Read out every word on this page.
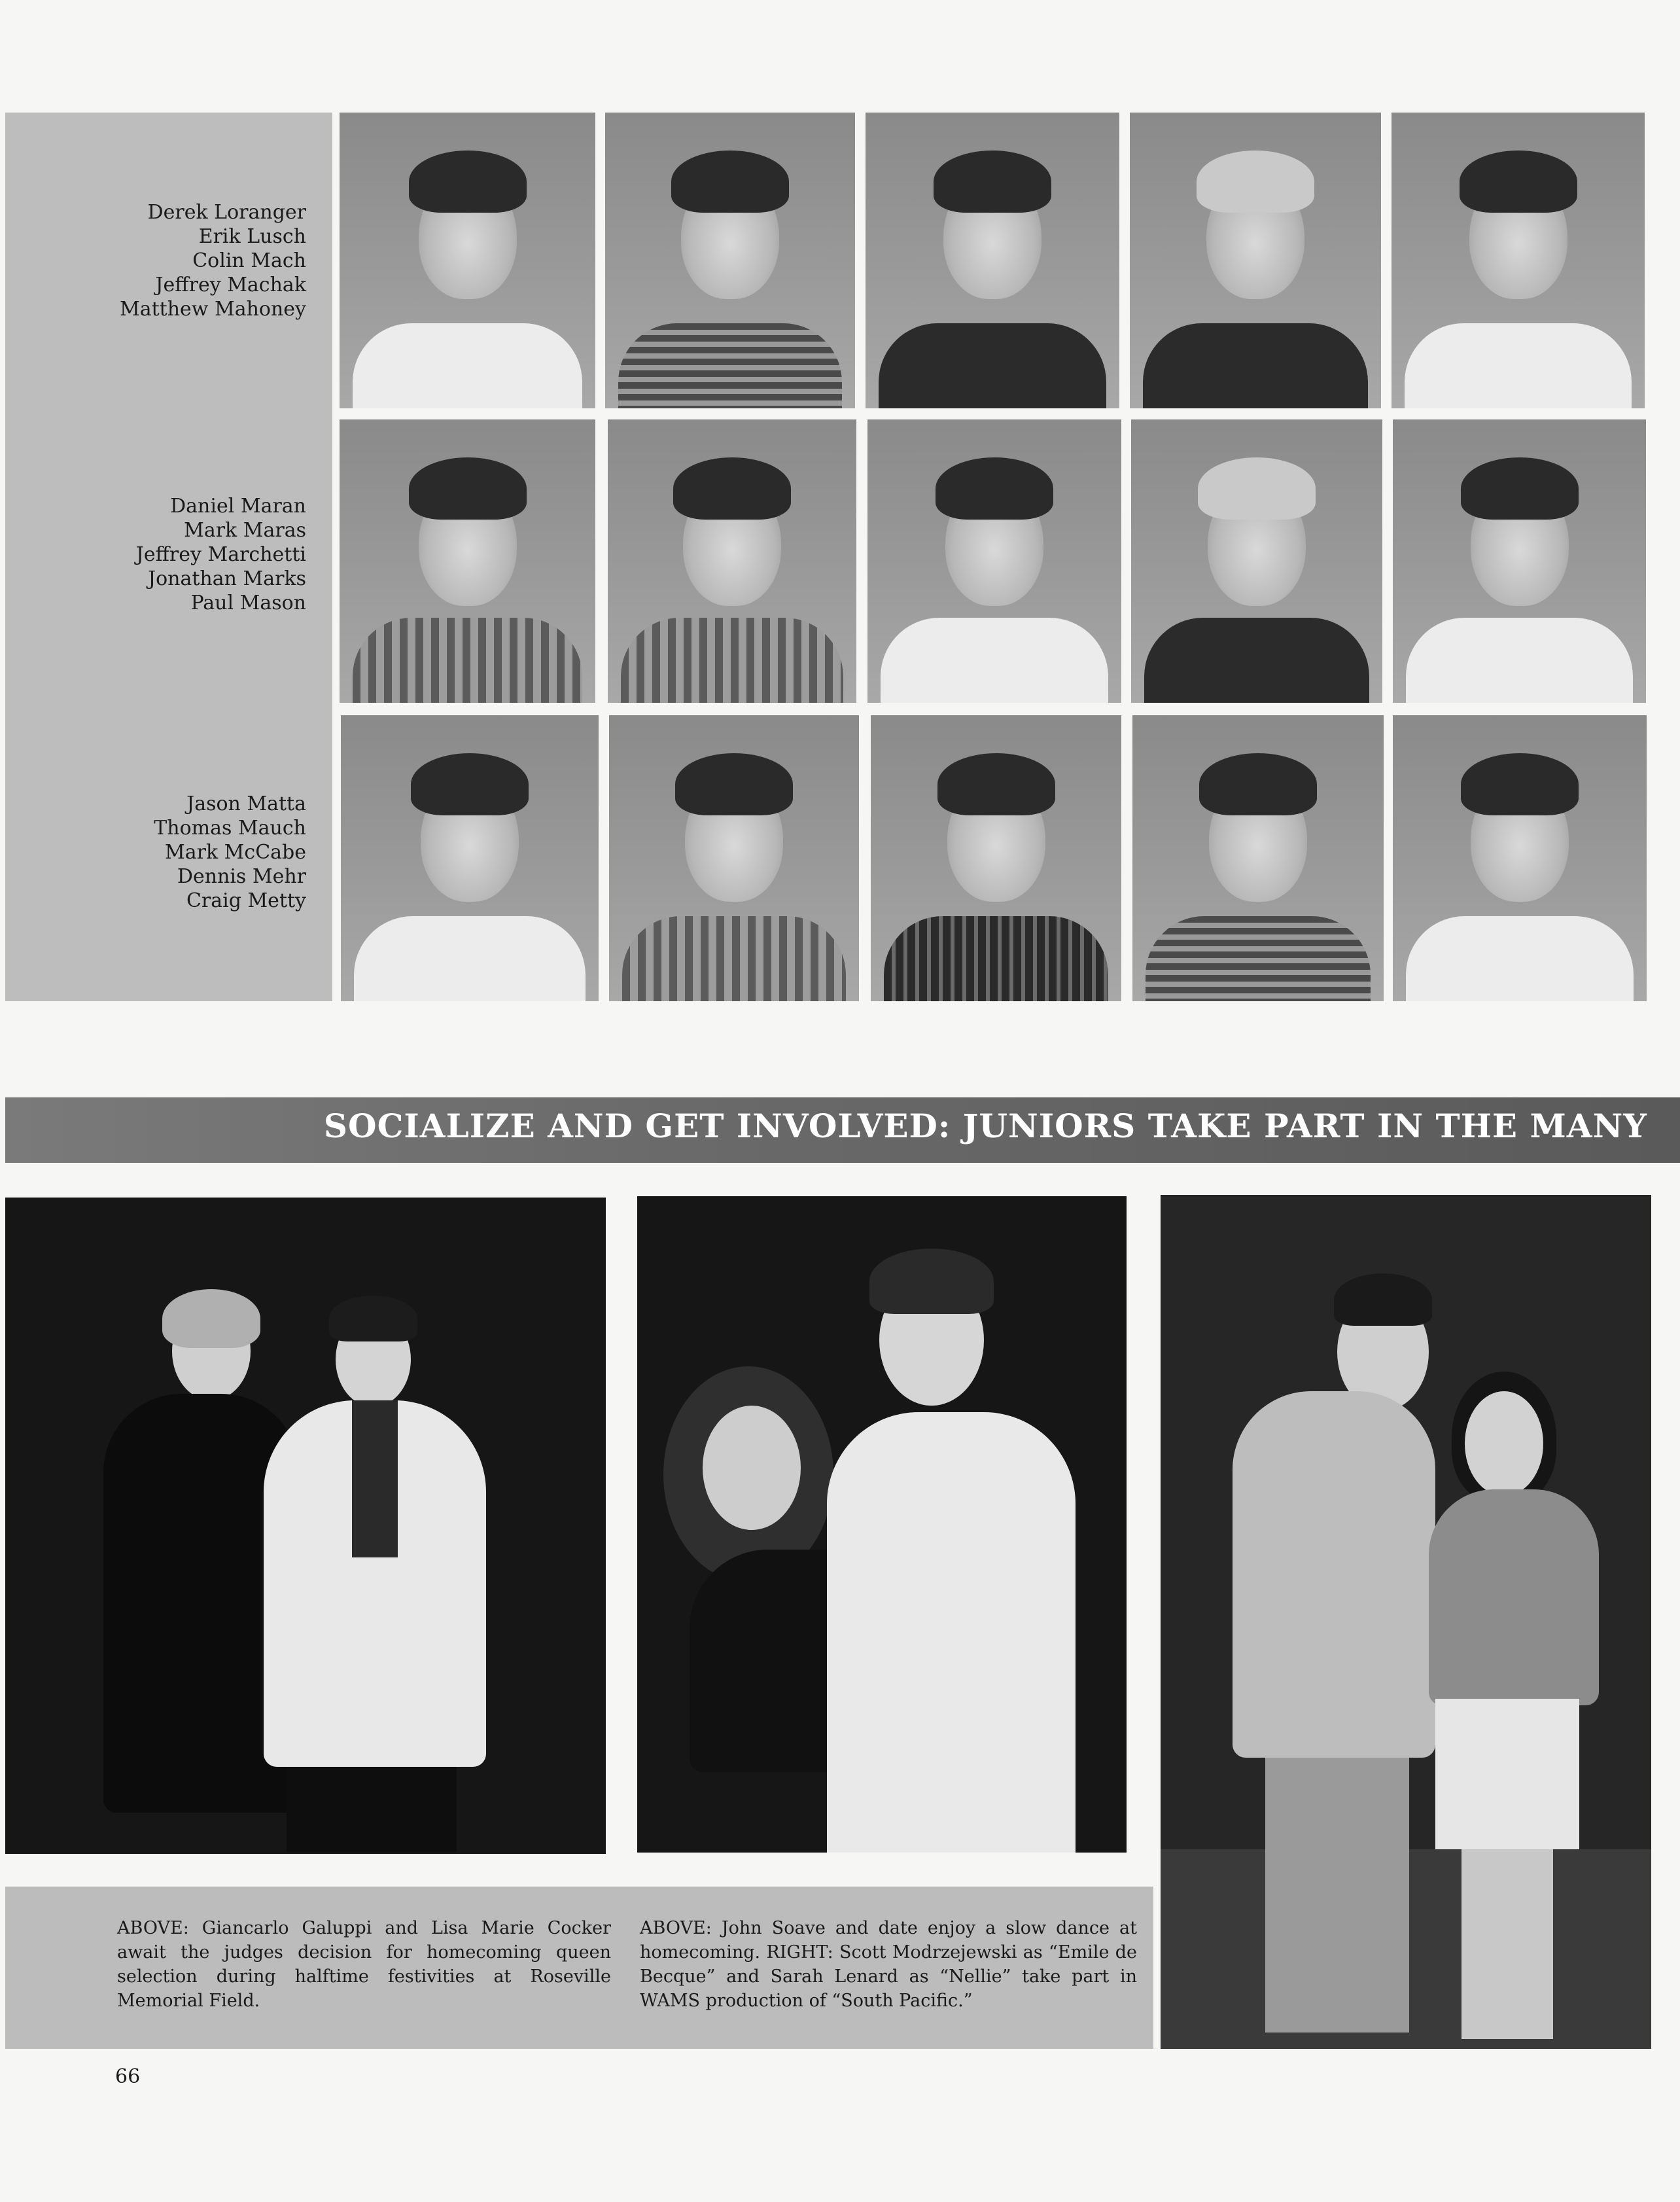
Derek Loranger
Erik Lusch
Colin Mach
Jeffrey Machak
Matthew Mahoney
Daniel Maran
Mark Maras
Jeffrey Marchetti
Jonathan Marks
Paul Mason
Jason Matta
Thomas Mauch
Mark McCabe
Dennis Mehr
Craig Metty
SOCIALIZE AND GET INVOLVED: JUNIORS TAKE PART IN THE MANY
ABOVE: Giancarlo Galuppi and Lisa Marie Cocker await the judges decision for homecoming queen selection during halftime festivities at Roseville Memorial Field.
ABOVE: John Soave and date enjoy a slow dance at homecoming. RIGHT: Scott Modrzejewski as “Emile de Becque” and Sarah Lenard as “Nellie” take part in WAMS production of “South Pacific.”
66
